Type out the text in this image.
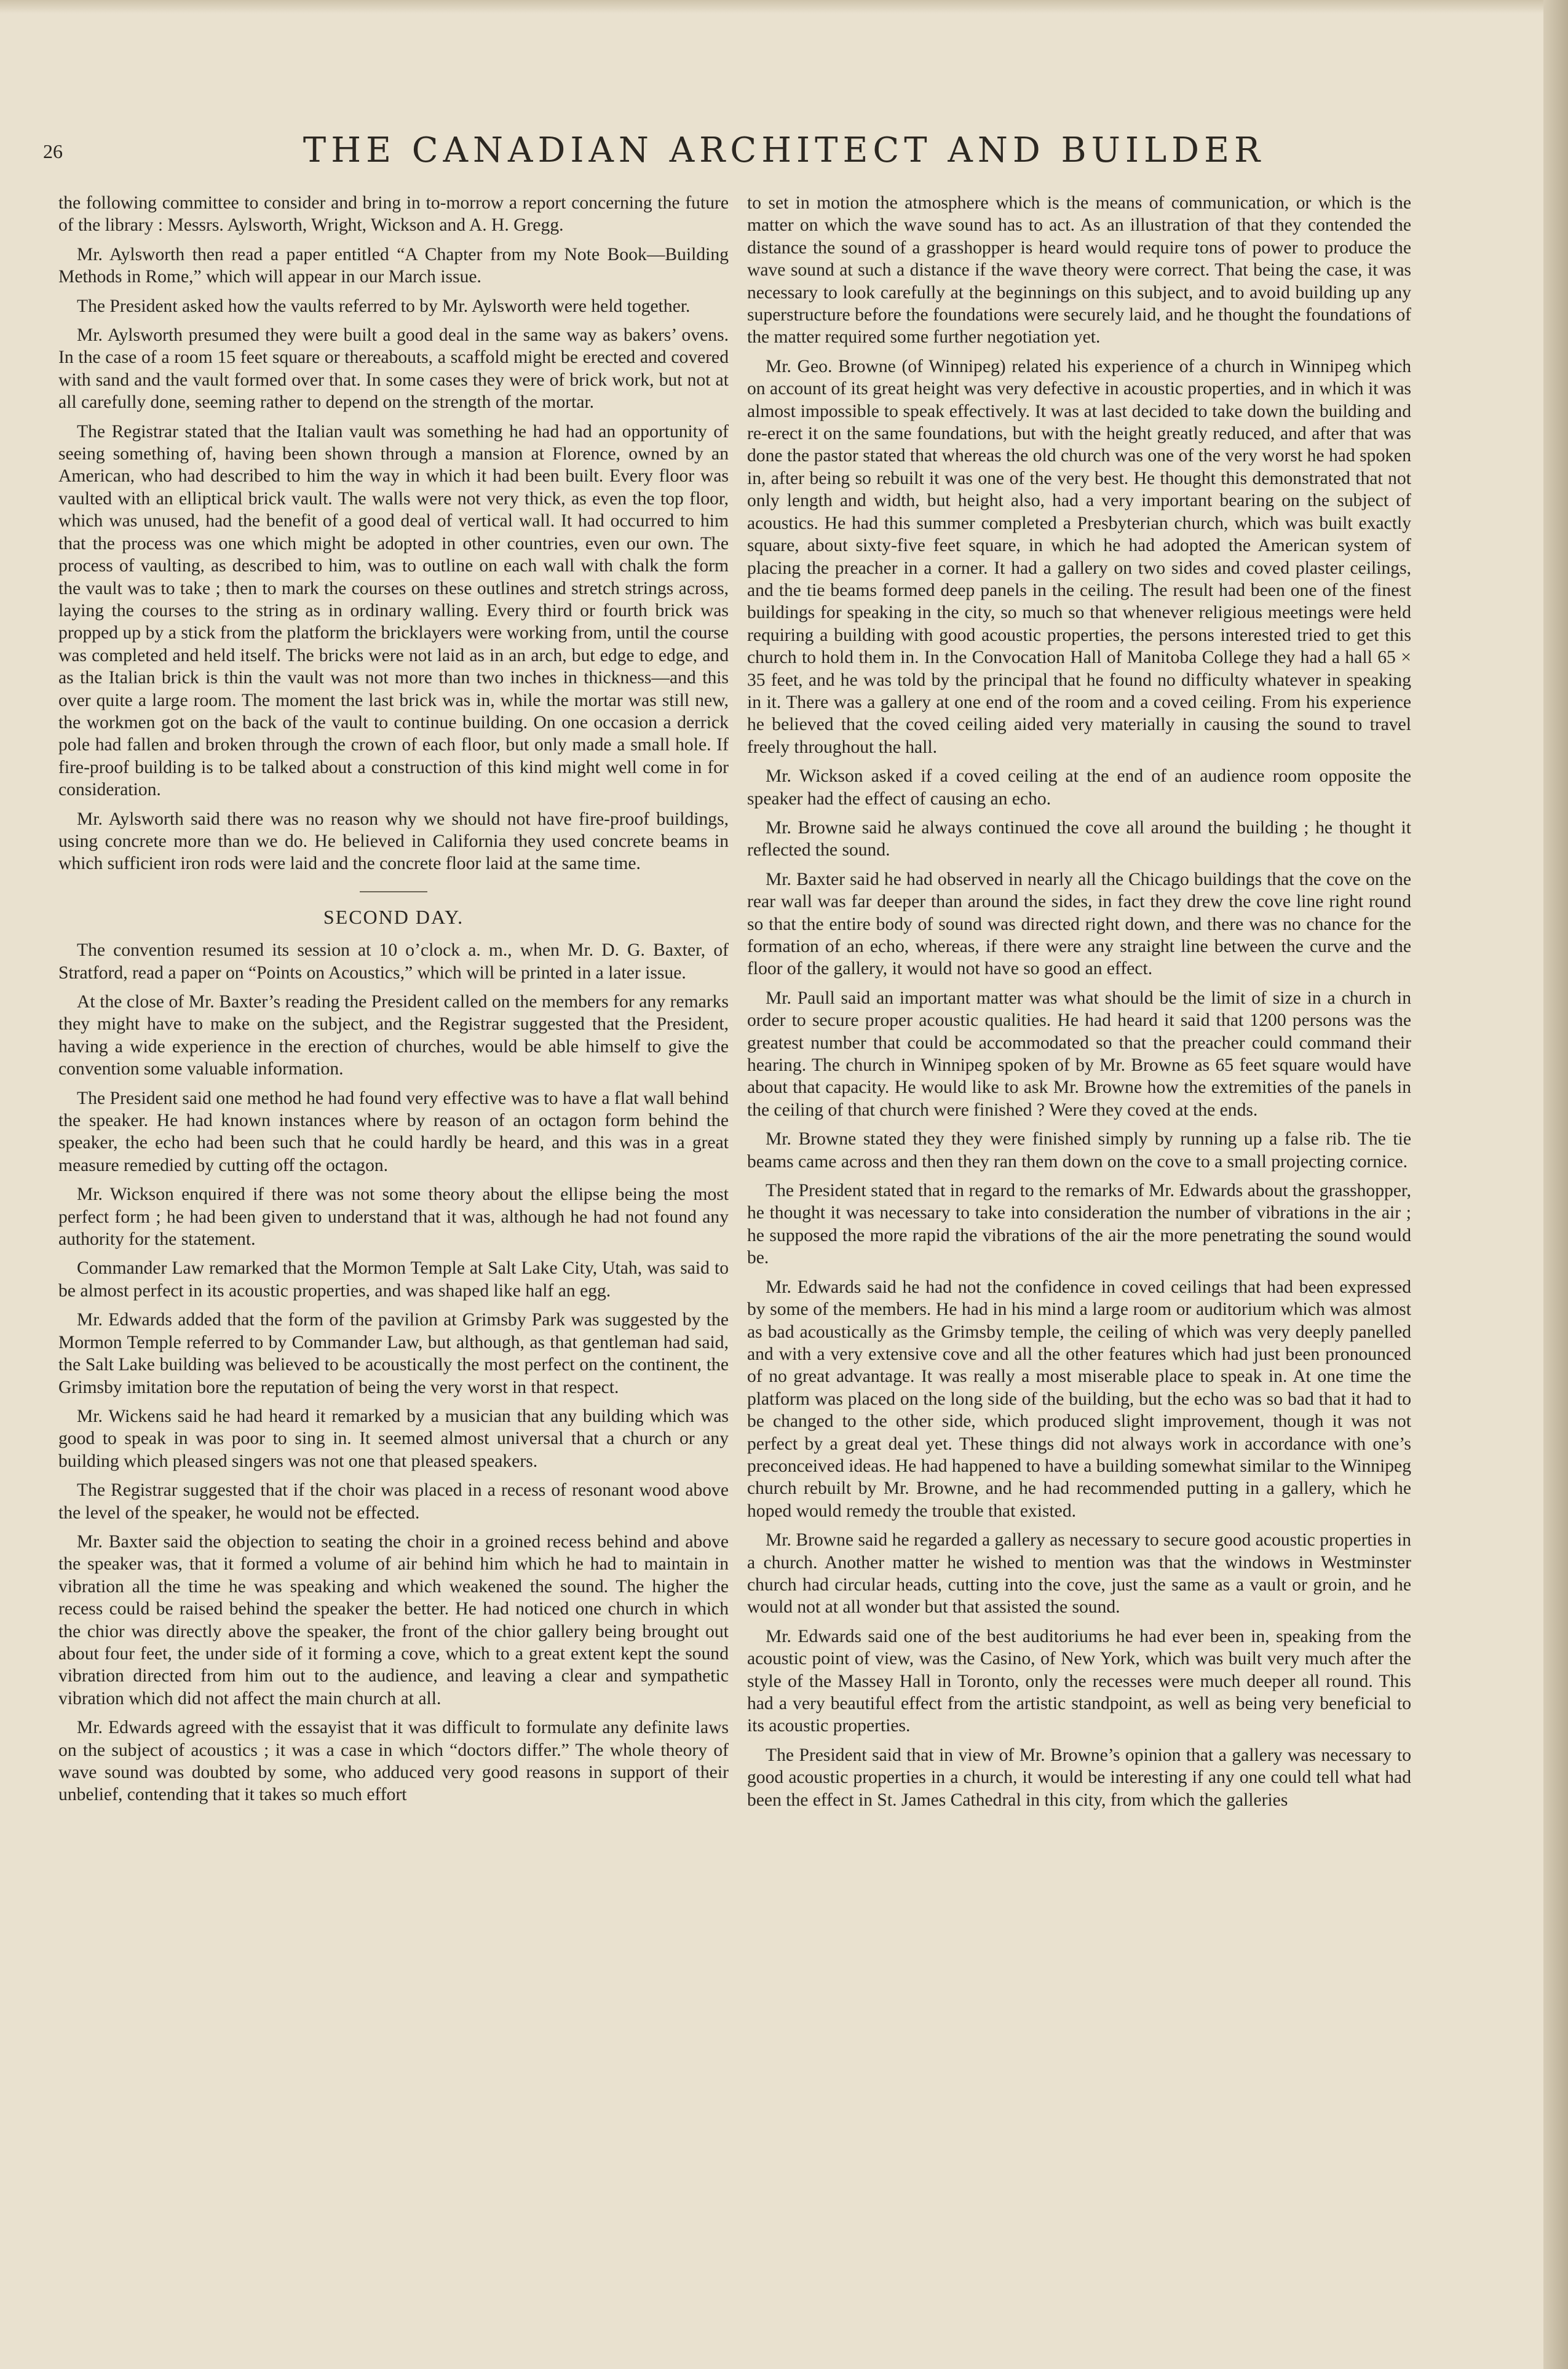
26	THE CANADIAN ARCHITECT AND BUILDER

the following committee to consider and bring in to-morrow a report concerning the future of the library : Messrs. Aylsworth, Wright, Wickson and A. H. Gregg.

Mr. Aylsworth then read a paper entitled “A Chapter from my Note Book—Building Methods in Rome,” which will appear in our March issue.

The President asked how the vaults referred to by Mr. Aylsworth were held together.

Mr. Aylsworth presumed they were built a good deal in the same way as bakers’ ovens. In the case of a room 15 feet square or thereabouts, a scaffold might be erected and covered with sand and the vault formed over that. In some cases they were of brick work, but not at all carefully done, seeming rather to depend on the strength of the mortar.

The Registrar stated that the Italian vault was something he had had an opportunity of seeing something of, having been shown through a mansion at Florence, owned by an American, who had described to him the way in which it had been built. Every floor was vaulted with an elliptical brick vault. The walls were not very thick, as even the top floor, which was unused, had the benefit of a good deal of vertical wall. It had occurred to him that the process was one which might be adopted in other countries, even our own. The process of vaulting, as described to him, was to outline on each wall with chalk the form the vault was to take ; then to mark the courses on these outlines and stretch strings across, laying the courses to the string as in ordinary walling. Every third or fourth brick was propped up by a stick from the platform the bricklayers were working from, until the course was completed and held itself. The bricks were not laid as in an arch, but edge to edge, and as the Italian brick is thin the vault was not more than two inches in thickness—and this over quite a large room. The moment the last brick was in, while the mortar was still new, the workmen got on the back of the vault to continue building. On one occasion a derrick pole had fallen and broken through the crown of each floor, but only made a small hole. If fire-proof building is to be talked about a construction of this kind might well come in for consideration.

Mr. Aylsworth said there was no reason why we should not have fire-proof buildings, using concrete more than we do. He believed in California they used concrete beams in which sufficient iron rods were laid and the concrete floor laid at the same time.

SECOND DAY.

The convention resumed its session at 10 o’clock a. m., when Mr. D. G. Baxter, of Stratford, read a paper on “Points on Acoustics,” which will be printed in a later issue.

At the close of Mr. Baxter’s reading the President called on the members for any remarks they might have to make on the subject, and the Registrar suggested that the President, having a wide experience in the erection of churches, would be able himself to give the convention some valuable information.

The President said one method he had found very effective was to have a flat wall behind the speaker. He had known instances where by reason of an octagon form behind the speaker, the echo had been such that he could hardly be heard, and this was in a great measure remedied by cutting off the octagon.

Mr. Wickson enquired if there was not some theory about the ellipse being the most perfect form ; he had been given to understand that it was, although he had not found any authority for the statement.

Commander Law remarked that the Mormon Temple at Salt Lake City, Utah, was said to be almost perfect in its acoustic properties, and was shaped like half an egg.

Mr. Edwards added that the form of the pavilion at Grimsby Park was suggested by the Mormon Temple referred to by Commander Law, but although, as that gentleman had said, the Salt Lake building was believed to be acoustically the most perfect on the continent, the Grimsby imitation bore the reputation of being the very worst in that respect.

Mr. Wickens said he had heard it remarked by a musician that any building which was good to speak in was poor to sing in. It seemed almost universal that a church or any building which pleased singers was not one that pleased speakers.

The Registrar suggested that if the choir was placed in a recess of resonant wood above the level of the speaker, he would not be effected.

Mr. Baxter said the objection to seating the choir in a groined recess behind and above the speaker was, that it formed a volume of air behind him which he had to maintain in vibration all the time he was speaking and which weakened the sound. The higher the recess could be raised behind the speaker the better. He had noticed one church in which the chior was directly above the speaker, the front of the chior gallery being brought out about four feet, the under side of it forming a cove, which to a great extent kept the sound vibration directed from him out to the audience, and leaving a clear and sympathetic vibration which did not affect the main church at all.

Mr. Edwards agreed with the essayist that it was difficult to formulate any definite laws on the subject of acoustics ; it was a case in which “doctors differ.” The whole theory of wave sound was doubted by some, who adduced very good reasons in support of their unbelief, contending that it takes so much effort

to set in motion the atmosphere which is the means of communication, or which is the matter on which the wave sound has to act. As an illustration of that they contended the distance the sound of a grasshopper is heard would require tons of power to produce the wave sound at such a distance if the wave theory were correct. That being the case, it was necessary to look carefully at the beginnings on this subject, and to avoid building up any superstructure before the foundations were securely laid, and he thought the foundations of the matter required some further negotiation yet.

Mr. Geo. Browne (of Winnipeg) related his experience of a church in Winnipeg which on account of its great height was very defective in acoustic properties, and in which it was almost impossible to speak effectively. It was at last decided to take down the building and re-erect it on the same foundations, but with the height greatly reduced, and after that was done the pastor stated that whereas the old church was one of the very worst he had spoken in, after being so rebuilt it was one of the very best. He thought this demonstrated that not only length and width, but height also, had a very important bearing on the subject of acoustics. He had this summer completed a Presbyterian church, which was built exactly square, about sixty-five feet square, in which he had adopted the American system of placing the preacher in a corner. It had a gallery on two sides and coved plaster ceilings, and the tie beams formed deep panels in the ceiling. The result had been one of the finest buildings for speaking in the city, so much so that whenever religious meetings were held requiring a building with good acoustic properties, the persons interested tried to get this church to hold them in. In the Convocation Hall of Manitoba College they had a hall 65 × 35 feet, and he was told by the principal that he found no difficulty whatever in speaking in it. There was a gallery at one end of the room and a coved ceiling. From his experience he believed that the coved ceiling aided very materially in causing the sound to travel freely throughout the hall.

Mr. Wickson asked if a coved ceiling at the end of an audience room opposite the speaker had the effect of causing an echo.

Mr. Browne said he always continued the cove all around the building ; he thought it reflected the sound.

Mr. Baxter said he had observed in nearly all the Chicago buildings that the cove on the rear wall was far deeper than around the sides, in fact they drew the cove line right round so that the entire body of sound was directed right down, and there was no chance for the formation of an echo, whereas, if there were any straight line between the curve and the floor of the gallery, it would not have so good an effect.

Mr. Paull said an important matter was what should be the limit of size in a church in order to secure proper acoustic qualities. He had heard it said that 1200 persons was the greatest number that could be accommodated so that the preacher could command their hearing. The church in Winnipeg spoken of by Mr. Browne as 65 feet square would have about that capacity. He would like to ask Mr. Browne how the extremities of the panels in the ceiling of that church were finished ? Were they coved at the ends.

Mr. Browne stated they they were finished simply by running up a false rib. The tie beams came across and then they ran them down on the cove to a small projecting cornice.

The President stated that in regard to the remarks of Mr. Edwards about the grasshopper, he thought it was necessary to take into consideration the number of vibrations in the air ; he supposed the more rapid the vibrations of the air the more penetrating the sound would be.

Mr. Edwards said he had not the confidence in coved ceilings that had been expressed by some of the members. He had in his mind a large room or auditorium which was almost as bad acoustically as the Grimsby temple, the ceiling of which was very deeply panelled and with a very extensive cove and all the other features which had just been pronounced of no great advantage. It was really a most miserable place to speak in. At one time the platform was placed on the long side of the building, but the echo was so bad that it had to be changed to the other side, which produced slight improvement, though it was not perfect by a great deal yet. These things did not always work in accordance with one’s preconceived ideas. He had happened to have a building somewhat similar to the Winnipeg church rebuilt by Mr. Browne, and he had recommended putting in a gallery, which he hoped would remedy the trouble that existed.

Mr. Browne said he regarded a gallery as necessary to secure good acoustic properties in a church. Another matter he wished to mention was that the windows in Westminster church had circular heads, cutting into the cove, just the same as a vault or groin, and he would not at all wonder but that assisted the sound.

Mr. Edwards said one of the best auditoriums he had ever been in, speaking from the acoustic point of view, was the Casino, of New York, which was built very much after the style of the Massey Hall in Toronto, only the recesses were much deeper all round. This had a very beautiful effect from the artistic standpoint, as well as being very beneficial to its acoustic properties.

The President said that in view of Mr. Browne’s opinion that a gallery was necessary to good acoustic properties in a church, it would be interesting if any one could tell what had been the effect in St. James Cathedral in this city, from which the galleries
